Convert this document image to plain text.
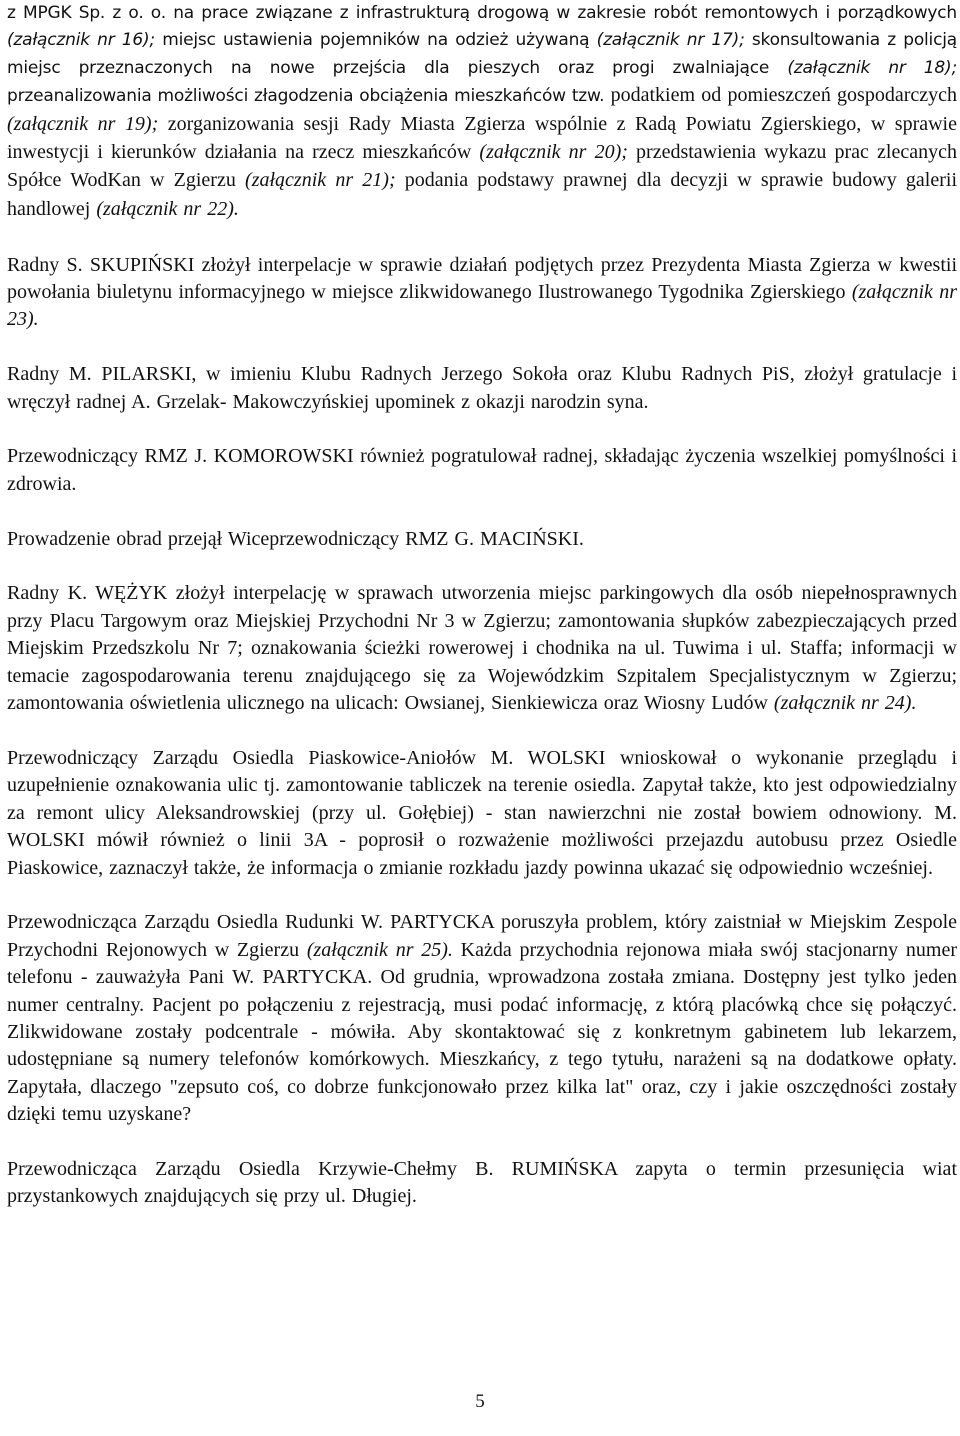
z MPGK Sp. z o. o. na prace związane z infrastrukturą drogową w zakresie robót remontowych i porządkowych (załącznik nr 16); miejsc ustawienia pojemników na odzież używaną (załącznik nr 17); skonsultowania z policją miejsc przeznaczonych na nowe przejścia dla pieszych oraz progi zwalniające (załącznik nr 18); przeanalizowania możliwości złagodzenia obciążenia mieszkańców tzw. podatkiem od pomieszczeń gospodarczych (załącznik nr 19); zorganizowania sesji Rady Miasta Zgierza wspólnie z Radą Powiatu Zgierskiego, w sprawie inwestycji i kierunków działania na rzecz mieszkańców (załącznik nr 20); przedstawienia wykazu prac zlecanych Spółce WodKan w Zgierzu (załącznik nr 21); podania podstawy prawnej dla decyzji w sprawie budowy galerii handlowej (załącznik nr 22).

Radny S. SKUPIŃSKI złożył interpelacje w sprawie działań podjętych przez Prezydenta Miasta Zgierza w kwestii powołania biuletynu informacyjnego w miejsce zlikwidowanego Ilustrowanego Tygodnika Zgierskiego (załącznik nr 23).

Radny M. PILARSKI, w imieniu Klubu Radnych Jerzego Sokoła oraz Klubu Radnych PiS, złożył gratulacje i wręczył radnej A. Grzelak- Makowczyńskiej upominek z okazji narodzin syna.

Przewodniczący RMZ J. KOMOROWSKI również pogratulował radnej, składając życzenia wszelkiej pomyślności i zdrowia.

Prowadzenie obrad przejął Wiceprzewodniczący RMZ G. MACIŃSKI.

Radny K. WĘŻYK złożył interpelację w sprawach utworzenia miejsc parkingowych dla osób niepełnosprawnych przy Placu Targowym oraz Miejskiej Przychodni Nr 3 w Zgierzu; zamontowania słupków zabezpieczających przed Miejskim Przedszkolu Nr 7; oznakowania ścieżki rowerowej i chodnika na ul. Tuwima i ul. Staffa; informacji w temacie zagospodarowania terenu znajdującego się za Wojewódzkim Szpitalem Specjalistycznym w Zgierzu; zamontowania oświetlenia ulicznego na ulicach: Owsianej, Sienkiewicza oraz Wiosny Ludów (załącznik nr 24).

Przewodniczący Zarządu Osiedla Piaskowice-Aniołów M. WOLSKI wnioskował o wykonanie przeglądu i uzupełnienie oznakowania ulic tj. zamontowanie tabliczek na terenie osiedla. Zapytał także, kto jest odpowiedzialny za remont ulicy Aleksandrowskiej (przy ul. Gołębiej) - stan nawierzchni nie został bowiem odnowiony. M. WOLSKI mówił również o linii 3A - poprosił o rozważenie możliwości przejazdu autobusu przez Osiedle Piaskowice, zaznaczył także, że informacja o zmianie rozkładu jazdy powinna ukazać się odpowiednio wcześniej.

Przewodnicząca Zarządu Osiedla Rudunki W. PARTYCKA poruszyła problem, który zaistniał w Miejskim Zespole Przychodni Rejonowych w Zgierzu (załącznik nr 25). Każda przychodnia rejonowa miała swój stacjonarny numer telefonu - zauważyła Pani W. PARTYCKA. Od grudnia, wprowadzona została zmiana. Dostępny jest tylko jeden numer centralny. Pacjent po połączeniu z rejestracją, musi podać informację, z którą placówką chce się połączyć. Zlikwidowane zostały podcentrale - mówiła. Aby skontaktować się z konkretnym gabinetem lub lekarzem, udostępniane są numery telefonów komórkowych. Mieszkańcy, z tego tytułu, narażeni są na dodatkowe opłaty. Zapytała, dlaczego "zepsuto coś, co dobrze funkcjonowało przez kilka lat" oraz, czy i jakie oszczędności zostały dzięki temu uzyskane?

Przewodnicząca Zarządu Osiedla Krzywie-Chełmy B. RUMIŃSKA zapyta o termin przesunięcia wiat przystankowych znajdujących się przy ul. Długiej.

5
